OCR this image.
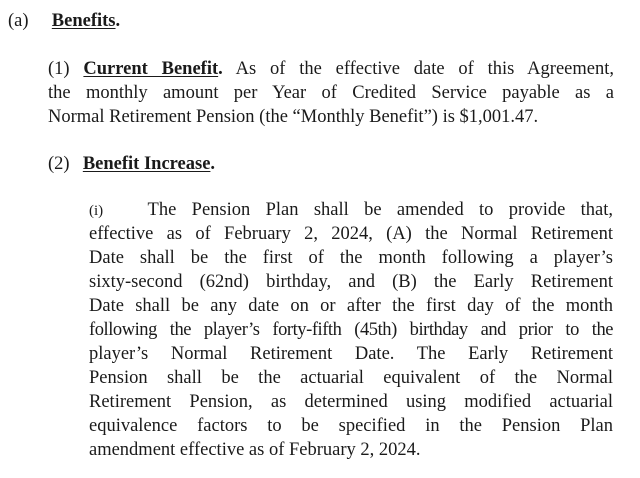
(a) Benefits.
(1) Current Benefit. As of the effective date of this Agreement,
the monthly amount per Year of Credited Service payable as a
Normal Retirement Pension (the “Monthly Benefit”) is $1,001.47.
(2) Benefit Increase.
(i) The Pension Plan shall be amended to provide that,
effective as of February 2, 2024, (A) the Normal Retirement
Date shall be the first of the month following a player’s
sixty-second (62nd) birthday, and (B) the Early Retirement
Date shall be any date on or after the first day of the month
following the player’s forty-fifth (45th) birthday and prior to the
player’s Normal Retirement Date. The Early Retirement
Pension shall be the actuarial equivalent of the Normal
Retirement Pension, as determined using modified actuarial
equivalence factors to be specified in the Pension Plan
amendment effective as of February 2, 2024.
